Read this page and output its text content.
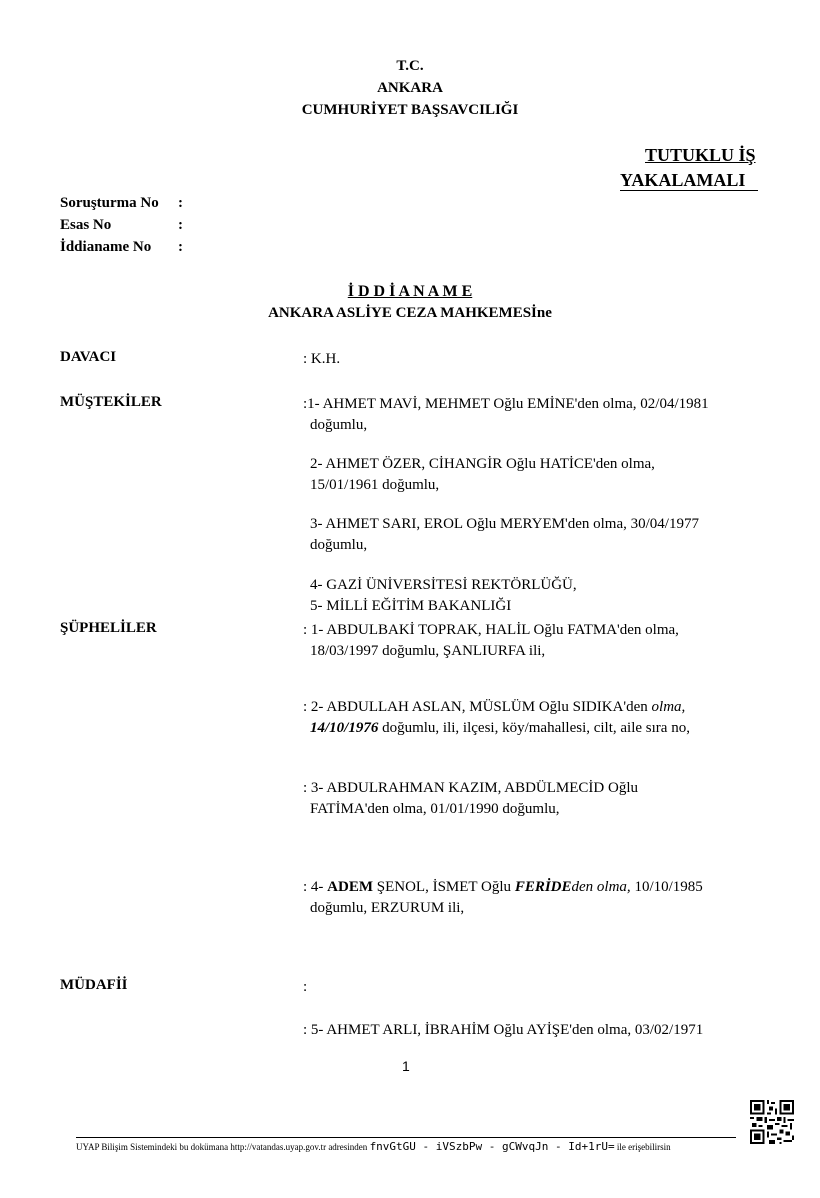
T.C.
ANKARA
CUMHURİYET BAŞSAVCILIĞI
TUTUKLU İŞ
YAKALAMALI
Soruşturma No :
Esas No	:
İddianame No :
İ D D İ A N A M E
ANKARA ASLİYE CEZA MAHKEMESİne
DAVACI	: K.H.
MÜŞTEKİLER	:1- AHMET MAVİ, MEHMET Oğlu EMİNE'den olma, 02/04/1981
doğumlu,
2- AHMET ÖZER, CİHANGİR Oğlu HATİCE'den olma,
15/01/1961 doğumlu,
3- AHMET SARI, EROL Oğlu MERYEM'den olma, 30/04/1977
doğumlu,
4- GAZİ ÜNİVERSİTESİ REKTÖRLÜĞÜ,
5- MİLLİ EĞİTİM BAKANLIĞI
ŞÜPHELİLER	: 1- ABDULBAKİ TOPRAK, HALİL Oğlu FATMA'den olma,
18/03/1997 doğumlu, ŞANLIURFA ili,
: 2- ABDULLAH ASLAN, MÜSLÜM Oğlu SIDIKA'den olma,
14/10/1976 doğumlu, ili, ilçesi, köy/mahallesi, cilt, aile sıra no,
: 3- ABDULRAHMAN KAZIM, ABDÜLMECİD Oğlu
FATİMA'den olma, 01/01/1990 doğumlu,
: 4- ADEM ŞENOL, İSMET Oğlu FERİDEden olma, 10/10/1985
doğumlu, ERZURUM ili,
MÜDAFİİ	:
: 5- AHMET ARLI, İBRAHİM Oğlu AYİŞE'den olma, 03/02/1971
1
UYAP Bilişim Sistemindeki bu dokümana http://vatandas.uyap.gov.tr adresinden fnvGtGU - iVSzbPw - gCWvqJn - Id+1rU= ile erişebilirsin
